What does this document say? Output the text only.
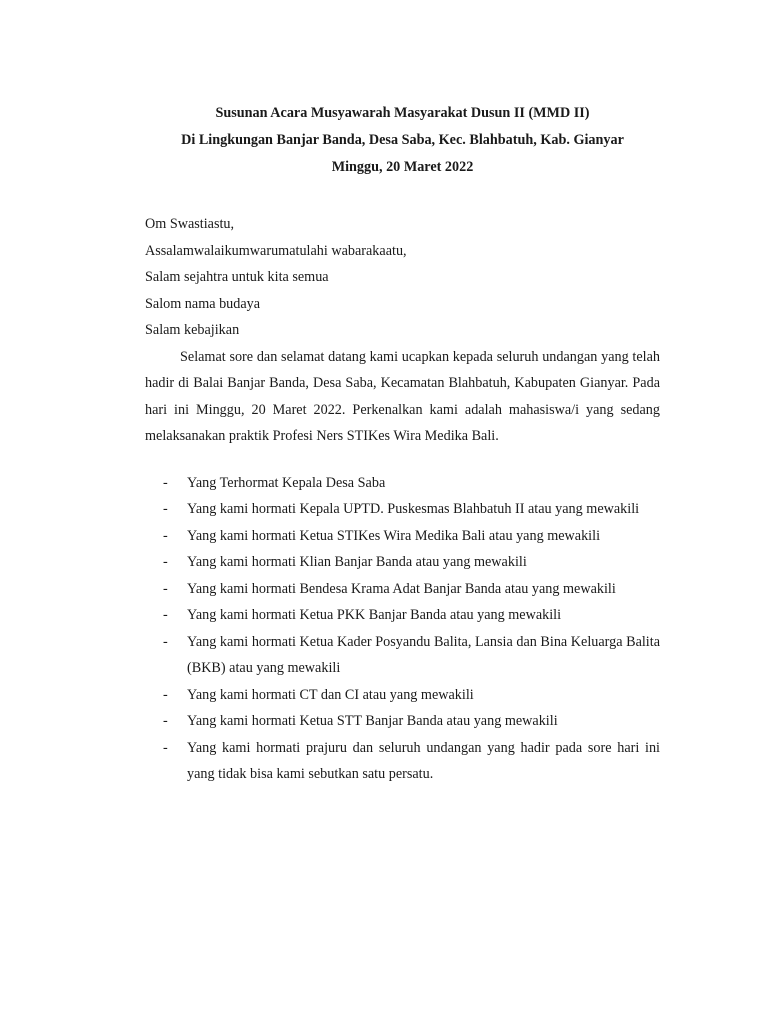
Susunan Acara Musyawarah Masyarakat Dusun II (MMD II)

Di Lingkungan Banjar Banda, Desa Saba, Kec. Blahbatuh, Kab. Gianyar

Minggu, 20 Maret 2022

Om Swastiastu,

Assalamwalaikumwarumatulahi wabarakaatu,

Salam sejahtra untuk kita semua

Salom nama budaya

Salam kebajikan

Selamat sore dan selamat datang kami ucapkan kepada seluruh undangan yang telah hadir di Balai Banjar Banda, Desa Saba, Kecamatan Blahbatuh, Kabupaten Gianyar. Pada hari ini Minggu, 20 Maret 2022. Perkenalkan kami adalah mahasiswa/i yang sedang melaksanakan praktik Profesi Ners STIKes Wira Medika Bali.

- Yang Terhormat Kepala Desa Saba
- Yang kami hormati Kepala UPTD. Puskesmas Blahbatuh II atau yang mewakili
- Yang kami hormati Ketua STIKes Wira Medika Bali atau yang mewakili
- Yang kami hormati Klian Banjar Banda atau yang mewakili
- Yang kami hormati Bendesa Krama Adat Banjar Banda atau yang mewakili
- Yang kami hormati Ketua PKK Banjar Banda atau yang mewakili
- Yang kami hormati Ketua Kader Posyandu Balita, Lansia dan Bina Keluarga Balita (BKB) atau yang mewakili
- Yang kami hormati CT dan CI atau yang mewakili
- Yang kami hormati Ketua STT Banjar Banda atau yang mewakili
- Yang kami hormati prajuru dan seluruh undangan yang hadir pada sore hari ini yang tidak bisa kami sebutkan satu persatu.
